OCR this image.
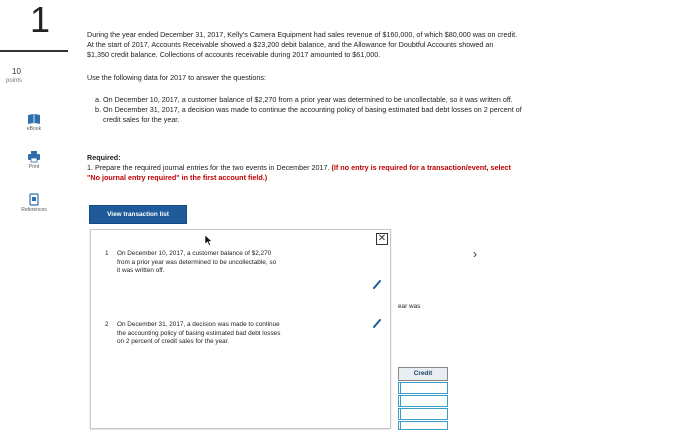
1
10
points
eBook
Print
References
During the year ended December 31, 2017, Kelly's Camera Equipment had sales revenue of $160,000, of which $80,000 was on credit.
At the start of 2017, Accounts Receivable showed a $23,200 debit balance, and the Allowance for Doubtful Accounts showed an
$1,350 credit balance. Collections of accounts receivable during 2017 amounted to $61,000.
Use the following data for 2017 to answer the questions:
a. On December 10, 2017, a customer balance of $2,270 from a prior year was determined to be uncollectable, so it was written off.
b. On December 31, 2017, a decision was made to continue the accounting policy of basing estimated bad debt losses on 2 percent of
credit sales for the year.
Required:
1. Prepare the required journal entries for the two events in December 2017. (If no entry is required for a transaction/event, select
"No journal entry required" in the first account field.)
View transaction list
›
ear was
Credit
✕
1	On December 10, 2017, a customer balance of $2,270
from a prior year was determined to be uncollectable, so
it was written off.
2	On December 31, 2017, a decision was made to continue
the accounting policy of basing estimated bad debt losses
on 2 percent of credit sales for the year.
